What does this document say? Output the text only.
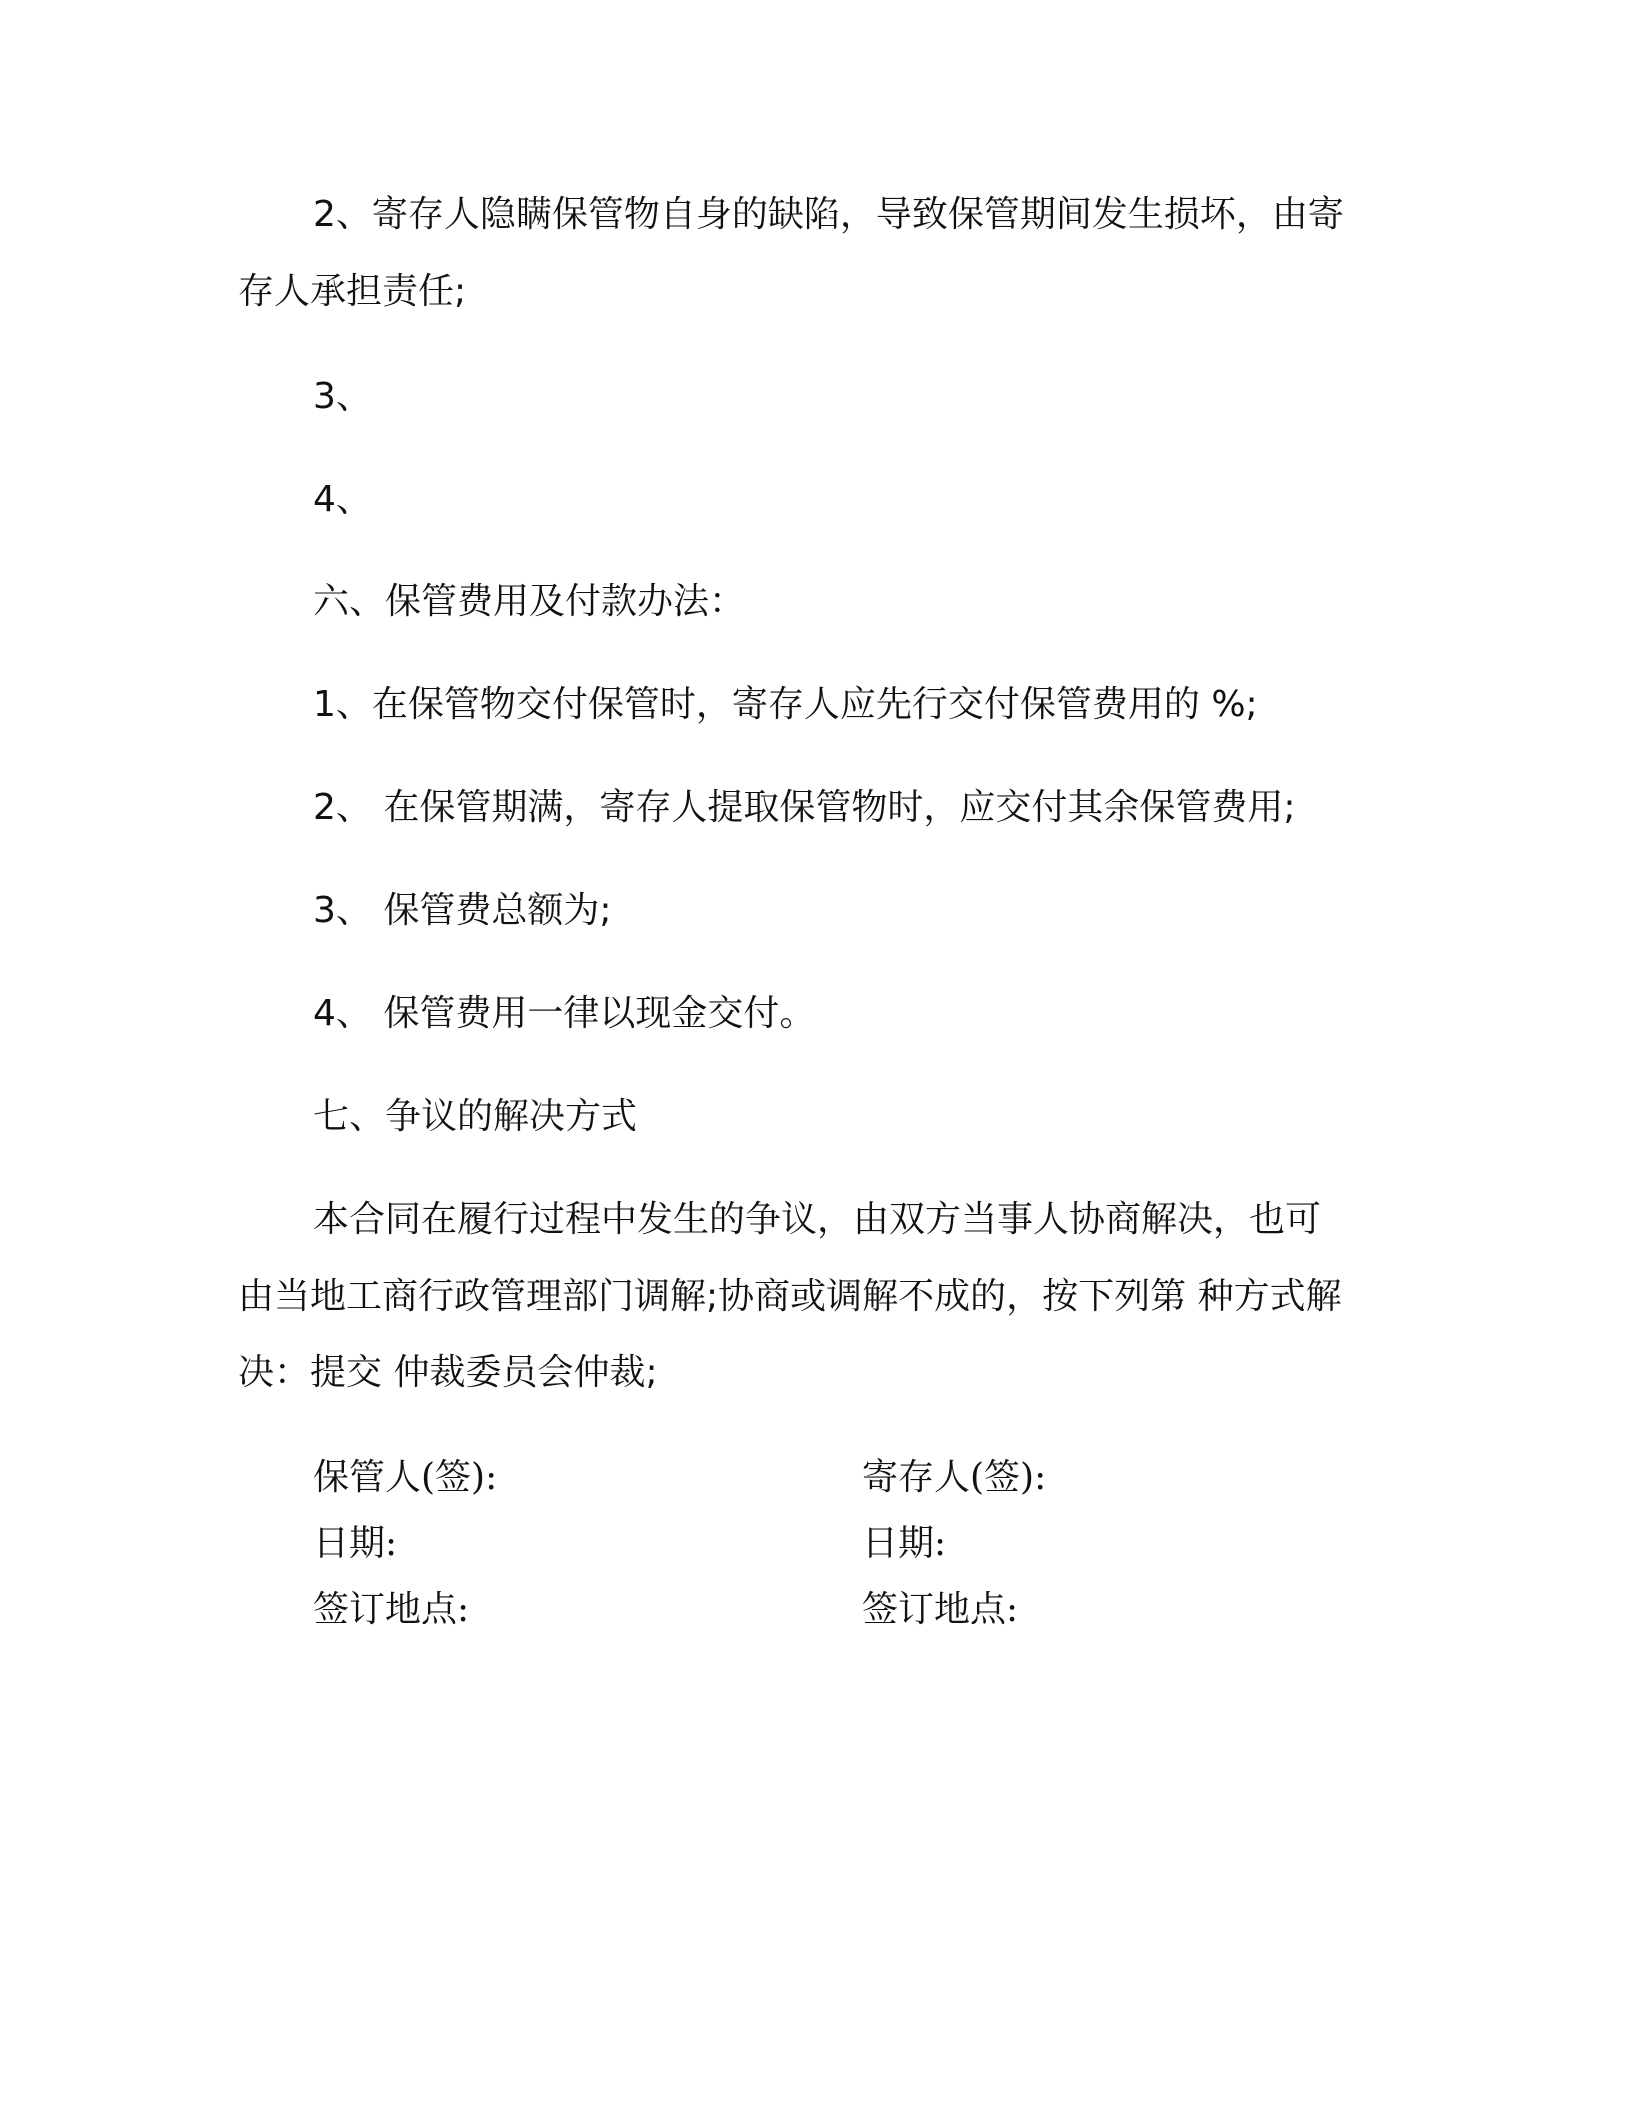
2、寄存人隐瞒保管物自身的缺陷，导致保管期间发生损坏，由寄
存人承担责任;
3、
4、
六、保管费用及付款办法：
1、在保管物交付保管时，寄存人应先行交付保管费用的 %;
2、 在保管期满，寄存人提取保管物时，应交付其余保管费用;
3、 保管费总额为;
4、 保管费用一律以现金交付。
七、争议的解决方式
本合同在履行过程中发生的争议，由双方当事人协商解决，也可
由当地工商行政管理部门调解;协商或调解不成的，按下列第 种方式解
决：提交 仲裁委员会仲裁;
保管人(签):
日期:
签订地点:
寄存人(签):
日期:
签订地点:
